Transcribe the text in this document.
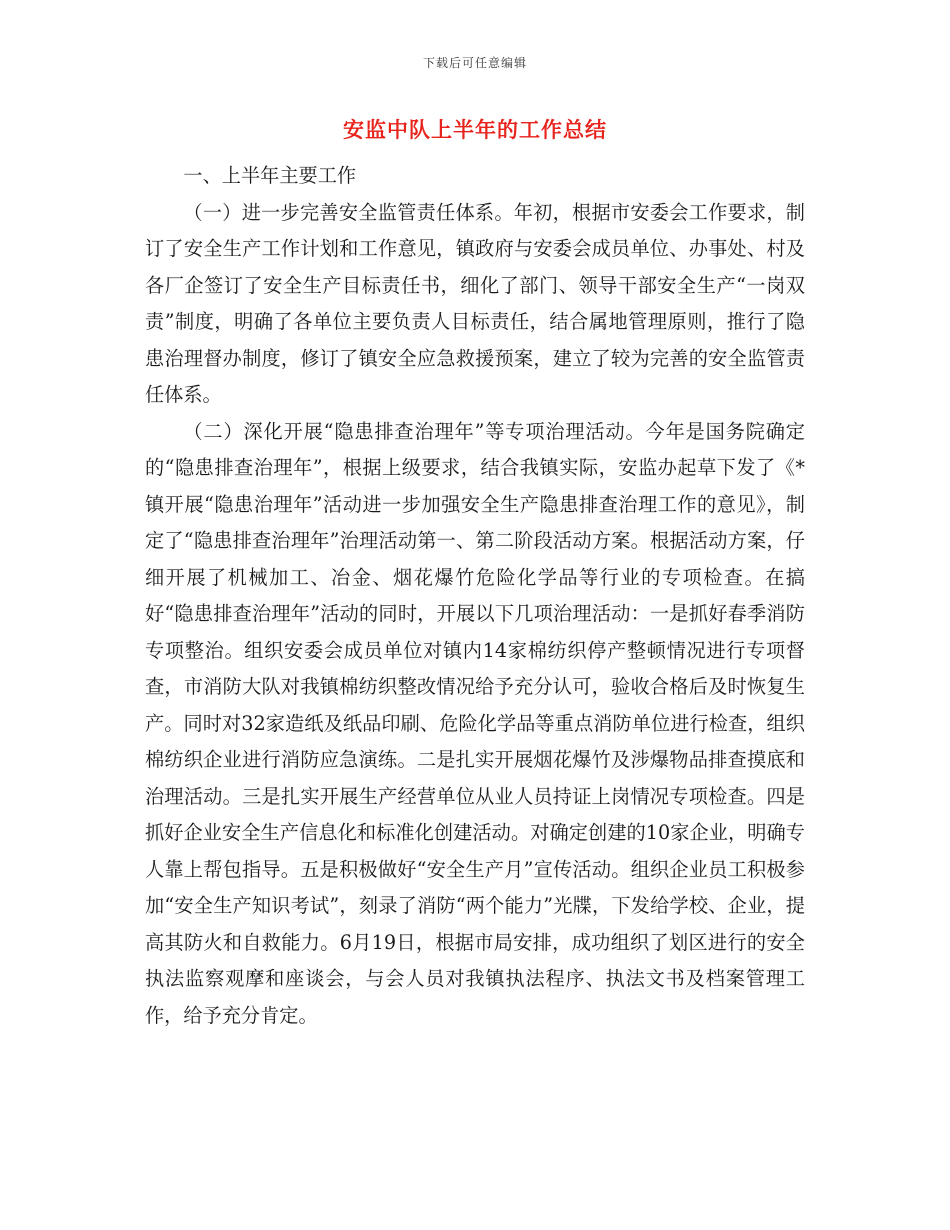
下载后可任意编辑
安监中队上半年的工作总结

一、上半年主要工作

（一）进一步完善安全监管责任体系。年初，根据市安委会工作要求，制订了安全生产工作计划和工作意见，镇政府与安委会成员单位、办事处、村及各厂企签订了安全生产目标责任书，细化了部门、领导干部安全生产“一岗双责”制度，明确了各单位主要负责人目标责任，结合属地管理原则，推行了隐患治理督办制度，修订了镇安全应急救援预案，建立了较为完善的安全监管责任体系。

（二）深化开展“隐患排查治理年”等专项治理活动。今年是国务院确定的“隐患排查治理年”，根据上级要求，结合我镇实际，安监办起草下发了《*镇开展“隐患治理年”活动进一步加强安全生产隐患排查治理工作的意见》，制定了“隐患排查治理年”治理活动第一、第二阶段活动方案。根据活动方案，仔细开展了机械加工、冶金、烟花爆竹危险化学品等行业的专项检查。在搞好“隐患排查治理年”活动的同时，开展以下几项治理活动：一是抓好春季消防专项整治。组织安委会成员单位对镇内14家棉纺织停产整顿情况进行专项督查，市消防大队对我镇棉纺织整改情况给予充分认可，验收合格后及时恢复生产。同时对32家造纸及纸品印刷、危险化学品等重点消防单位进行检查，组织棉纺织企业进行消防应急演练。二是扎实开展烟花爆竹及涉爆物品排查摸底和治理活动。三是扎实开展生产经营单位从业人员持证上岗情况专项检查。四是抓好企业安全生产信息化和标准化创建活动。对确定创建的10家企业，明确专人靠上帮包指导。五是积极做好“安全生产月”宣传活动。组织企业员工积极参加“安全生产知识考试”，刻录了消防“两个能力”光牒，下发给学校、企业，提高其防火和自救能力。6月19日，根据市局安排，成功组织了划区进行的安全执法监察观摩和座谈会，与会人员对我镇执法程序、执法文书及档案管理工作，给予充分肯定。
